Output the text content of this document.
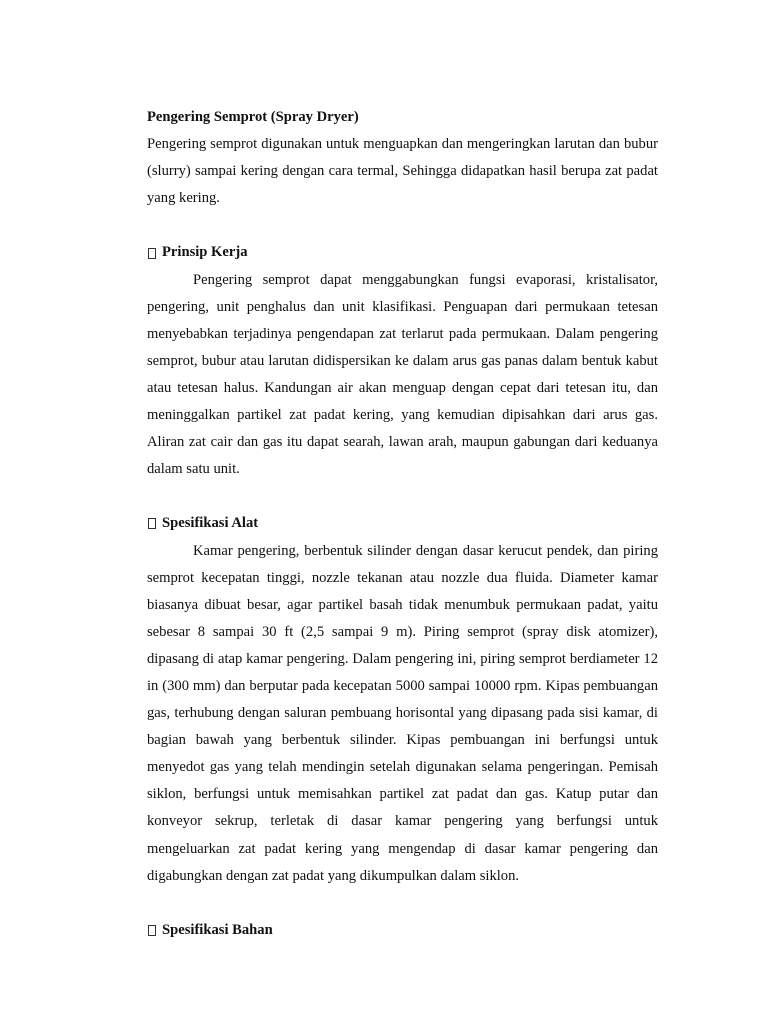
Pengering Semprot (Spray Dryer)

Pengering semprot digunakan untuk menguapkan dan mengeringkan larutan dan bubur (slurry) sampai kering dengan cara termal, Sehingga didapatkan hasil berupa zat padat yang kering.

Prinsip Kerja

Pengering semprot dapat menggabungkan fungsi evaporasi, kristalisator, pengering, unit penghalus dan unit klasifikasi. Penguapan dari permukaan tetesan menyebabkan terjadinya pengendapan zat terlarut pada permukaan. Dalam pengering semprot, bubur atau larutan didispersikan ke dalam arus gas panas dalam bentuk kabut atau tetesan halus. Kandungan air akan menguap dengan cepat dari tetesan itu, dan meninggalkan partikel zat padat kering, yang kemudian dipisahkan dari arus gas. Aliran zat cair dan gas itu dapat searah, lawan arah, maupun gabungan dari keduanya dalam satu unit.

Spesifikasi Alat

Kamar pengering, berbentuk silinder dengan dasar kerucut pendek, dan piring semprot kecepatan tinggi, nozzle tekanan atau nozzle dua fluida. Diameter kamar biasanya dibuat besar, agar partikel basah tidak menumbuk permukaan padat, yaitu sebesar 8 sampai 30 ft (2,5 sampai 9 m). Piring semprot (spray disk atomizer), dipasang di atap kamar pengering. Dalam pengering ini, piring semprot berdiameter 12 in (300 mm) dan berputar pada kecepatan 5000 sampai 10000 rpm. Kipas pembuangan gas, terhubung dengan saluran pembuang horisontal yang dipasang pada sisi kamar, di bagian bawah yang berbentuk silinder. Kipas pembuangan ini berfungsi untuk menyedot gas yang telah mendingin setelah digunakan selama pengeringan. Pemisah siklon, berfungsi untuk memisahkan partikel zat padat dan gas. Katup putar dan konveyor sekrup, terletak di dasar kamar pengering yang berfungsi untuk mengeluarkan zat padat kering yang mengendap di dasar kamar pengering dan digabungkan dengan zat padat yang dikumpulkan dalam siklon.

Spesifikasi Bahan
